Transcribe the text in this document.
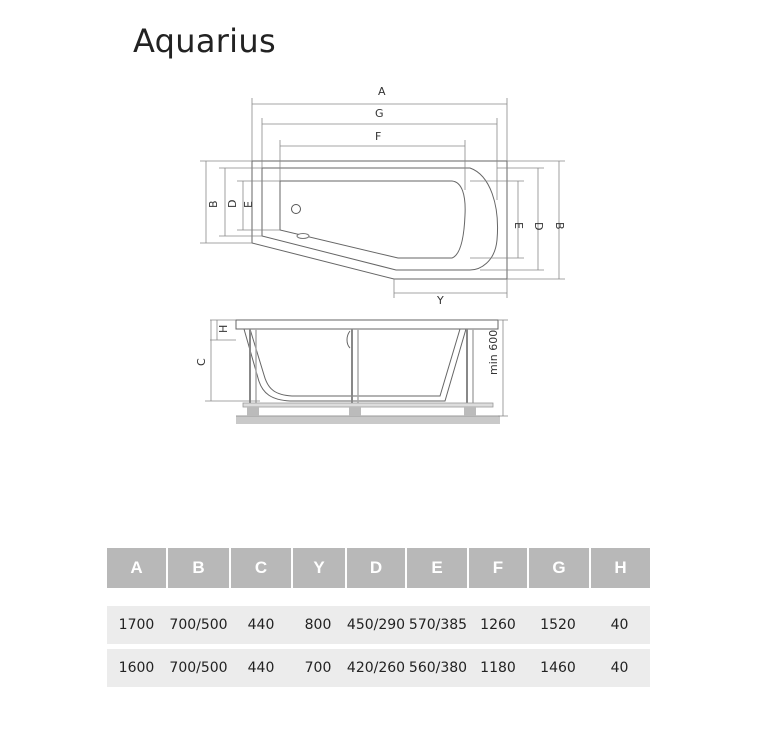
Aquarius
A
G
F
B D E
E D B
Y
H
C	min 600
A	B	C	Y	D	E	F	G	H
1700	700/500	440	800	450/290 570/385 1260	1520	40
1600	700/500	440	700	420/260 560/380 1180	1460	40
